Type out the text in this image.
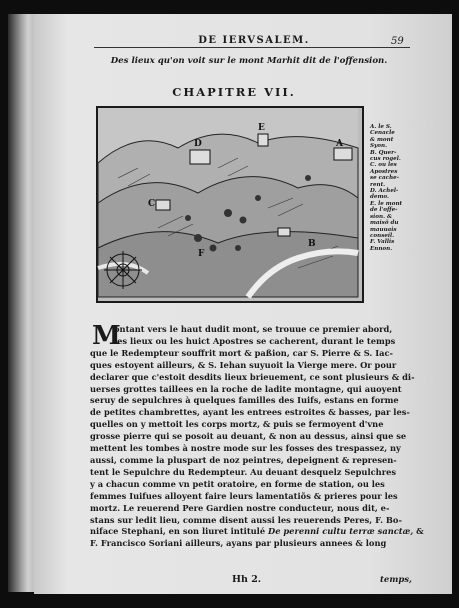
DE IERVSALEM.	59
Des lieux qu'on voit sur le mont Marhit dit de l'offension.
CHAPITRE VII.
A
B
C
D
E
F
A. le S.
Cenacle
& mont
Syon.
B. Quer-
cus rogel.
C. ou les
Apostres
se cache-
rent.
D. Achel-
demo.
E. le mont
de l'offe-
sion. &
maisõ du
mauuais
conseil.
F. Vallis
Ennon.
M

ontant vers le haut dudit mont, se trouue ce premier abord,

les lieux ou les huict Apostres se cacherent, durant le temps

que le Redempteur souffrit mort & paßion, car S. Pierre & S. Iac-

ques estoyent ailleurs, & S. Iehan suyuoit la Vierge mere. Or pour

declarer que c'estoit desdits lieux brieuement, ce sont plusieurs & di-

uerses grottes taillees en la roche de ladite montagne, qui auoyent

seruy de sepulchres à quelques familles des Iuifs, estans en forme

de petites chambrettes, ayant les entrees estroites & basses, par les-

quelles on y mettoit les corps mortz, & puis se fermoyent d'vne

grosse pierre qui se posoit au deuant, & non au dessus, ainsi que se

mettent les tombes à nostre mode sur les fosses des trespassez, ny

aussi, comme la pluspart de noz peintres, depeignent & represen-

tent le Sepulchre du Redempteur. Au deuant desquelz Sepulchres

y a chacun comme vn petit oratoire, en forme de station, ou les

femmes Iuifues alloyent faire leurs lamentatiõs & prieres pour les

mortz. Le reuerend Pere Gardien nostre conducteur, nous dit, e-

stans sur ledit lieu, comme disent aussi les reuerends Peres, F. Bo-

niface Stephani, en son liuret intitulé De perenni cultu terræ sanctæ, &

F. Francisco Soriani ailleurs, ayans par plusieurs annees & long

Hh 2.	temps,
